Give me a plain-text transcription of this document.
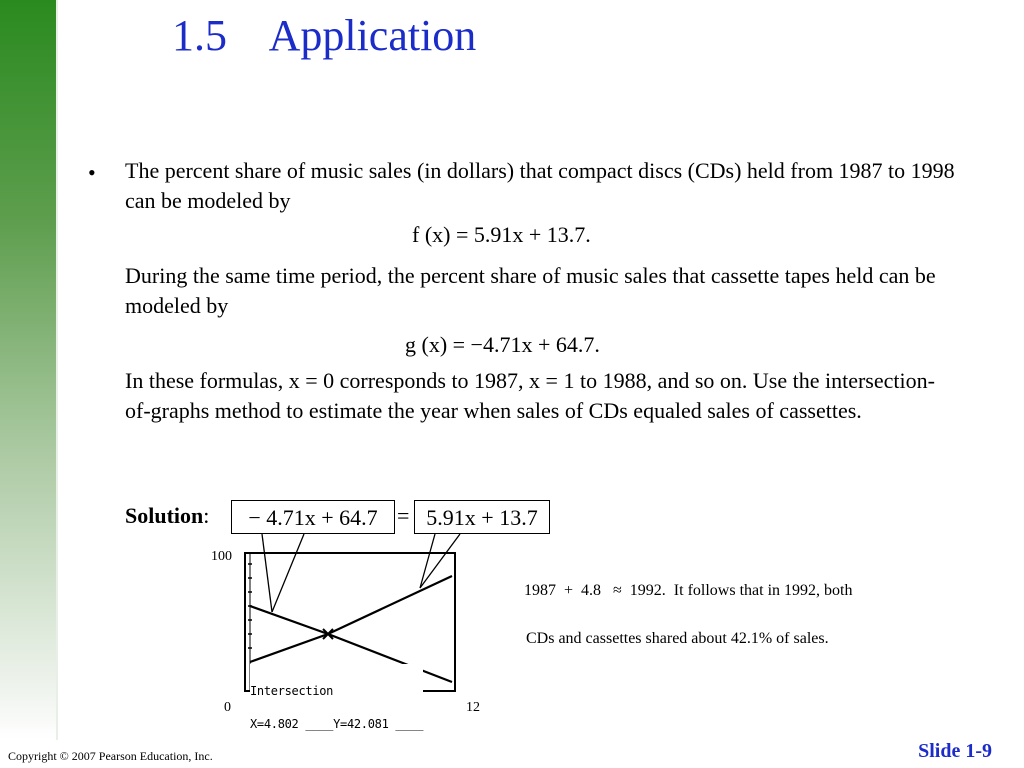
1.5    Application
• The percent share of music sales (in dollars) that compact discs (CDs) held from 1987 to 1998 can be modeled by
f (x) = 5.91x + 13.7.
During the same time period, the percent share of music sales that cassette tapes held can be modeled by
g (x) = −4.71x + 64.7.
In these formulas, x = 0 corresponds to 1987, x = 1 to 1988, and so on. Use the intersection-of-graphs method to estimate the year when sales of CDs equaled sales of cassettes.
Solution:	− 4.71x + 64.7 = 5.91x + 13.7
100

Intersection

X=4.802 ____Y=42.081 ____

0	12
1987  +  4.8   ≈  1992.  It follows that in 1992, both
CDs and cassettes shared about 42.1% of sales.
Copyright © 2007 Pearson Education, Inc.	Slide 1-9
